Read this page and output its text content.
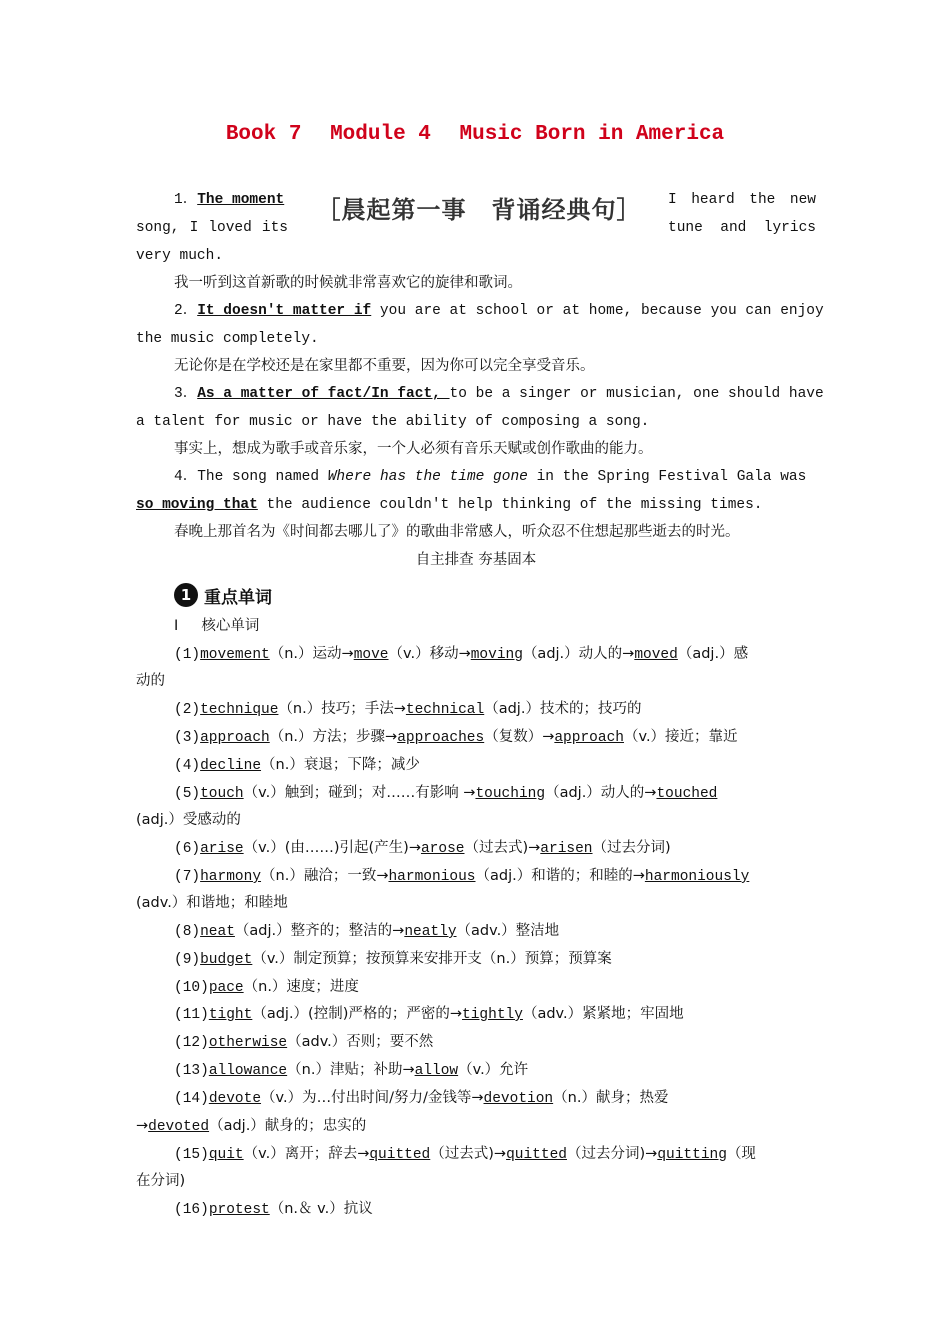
Book 7 Module 4 Music Born in America
1．The moment	［晨起第一事　背诵经典句］	I heard the new
song, I loved its	tune and lyrics
very much.
我一听到这首新歌的时候就非常喜欢它的旋律和歌词。
2．It doesn't matter if you are at school or at home, because you can enjoy
the music completely.
无论你是在学校还是在家里都不重要，因为你可以完全享受音乐。
3．As a matter of fact/In fact, to be a singer or musician, one should have
a talent for music or have the ability of composing a song.
事实上，想成为歌手或音乐家，一个人必须有音乐天赋或创作歌曲的能力。
4．The song named Where has the time gone in the Spring Festival Gala was
so moving that the audience couldn't help thinking of the missing times.
春晚上那首名为《时间都去哪儿了》的歌曲非常感人，听众忍不住想起那些逝去的时光。
自主排查 夯基固本
1 重点单词
Ⅰ 核心单词
(1)movement（n.）运动→move（v.）移动→moving（adj.）动人的→moved（adj.）感
动的
(2)technique（n.）技巧；手法→technical（adj.）技术的；技巧的
(3)approach（n.）方法；步骤→approaches（复数）→approach（v.）接近；靠近
(4)decline（n.）衰退；下降；减少
(5)touch（v.）触到；碰到；对……有影响 →touching（adj.）动人的→touched
(adj.）受感动的
(6)arise（v.）(由……)引起(产生)→arose（过去式)→arisen（过去分词)
(7)harmony（n.）融洽；一致→harmonious（adj.）和谐的；和睦的→harmoniously
(adv.）和谐地；和睦地
(8)neat（adj.）整齐的；整洁的→neatly（adv.）整洁地
(9)budget（v.）制定预算；按预算来安排开支（n.）预算；预算案
(10)pace（n.）速度；进度
(11)tight（adj.）(控制)严格的；严密的→tightly（adv.）紧紧地；牢固地
(12)otherwise（adv.）否则；要不然
(13)allowance（n.）津贴；补助→allow（v.）允许
(14)devote（v.）为…付出时间/努力/金钱等→devotion（n.）献身；热爱
→devoted（adj.）献身的；忠实的
(15)quit（v.）离开；辞去→quitted（过去式)→quitted（过去分词)→quitting（现
在分词)
(16)protest（n.＆ v.）抗议
